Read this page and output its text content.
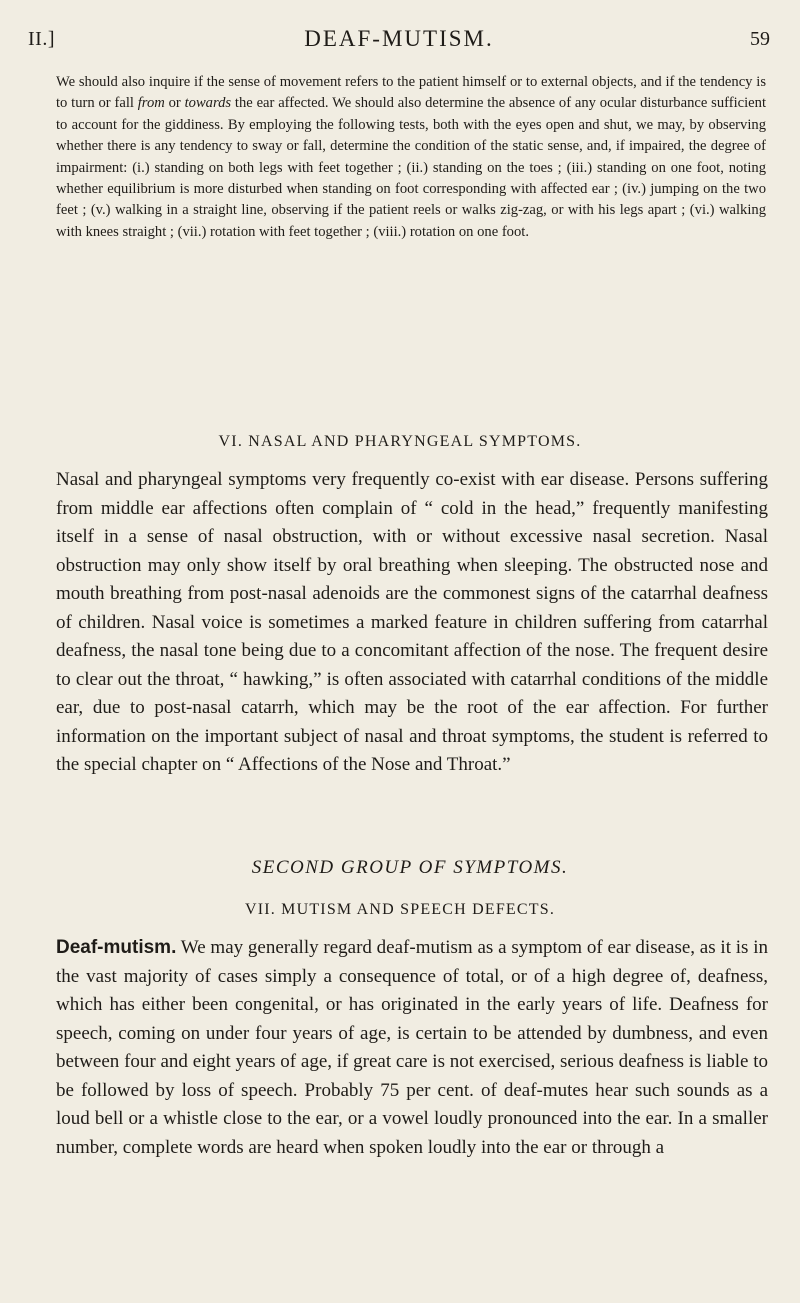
II.]	DEAF-MUTISM.	59

We should also inquire if the sense of movement refers to the patient himself or to external objects, and if the tendency is to turn or fall from or towards the ear affected. We should also determine the absence of any ocular disturbance sufficient to account for the giddiness. By employing the following tests, both with the eyes open and shut, we may, by observing whether there is any tendency to sway or fall, determine the condition of the static sense, and, if impaired, the degree of impairment: (i.) standing on both legs with feet together ; (ii.) standing on the toes ; (iii.) standing on one foot, noting whether equilibrium is more disturbed when standing on foot corresponding with affected ear ; (iv.) jumping on the two feet ; (v.) walking in a straight line, observing if the patient reels or walks zig-zag, or with his legs apart ; (vi.) walking with knees straight ; (vii.) rotation with feet together ; (viii.) rotation on one foot.

VI. NASAL AND PHARYNGEAL SYMPTOMS.

Nasal and pharyngeal symptoms very frequently co-exist with ear disease. Persons suffering from middle ear affections often complain of “ cold in the head,” frequently manifesting itself in a sense of nasal obstruction, with or without excessive nasal secretion. Nasal obstruction may only show itself by oral breathing when sleeping. The obstructed nose and mouth breathing from post-nasal adenoids are the commonest signs of the catarrhal deafness of children. Nasal voice is sometimes a marked feature in children suffering from catarrhal deafness, the nasal tone being due to a concomitant affection of the nose. The frequent desire to clear out the throat, “ hawking,” is often associated with catarrhal conditions of the middle ear, due to post-nasal catarrh, which may be the root of the ear affection. For further information on the important subject of nasal and throat symptoms, the student is referred to the special chapter on “ Affections of the Nose and Throat.”

SECOND GROUP OF SYMPTOMS.
VII. MUTISM AND SPEECH DEFECTS.

Deaf-mutism. We may generally regard deaf-mutism as a symptom of ear disease, as it is in the vast majority of cases simply a consequence of total, or of a high degree of, deafness, which has either been congenital, or has originated in the early years of life. Deafness for speech, coming on under four years of age, is certain to be attended by dumbness, and even between four and eight years of age, if great care is not exercised, serious deafness is liable to be followed by loss of speech. Probably 75 per cent. of deaf-mutes hear such sounds as a loud bell or a whistle close to the ear, or a vowel loudly pronounced into the ear. In a smaller number, complete words are heard when spoken loudly into the ear or through a
